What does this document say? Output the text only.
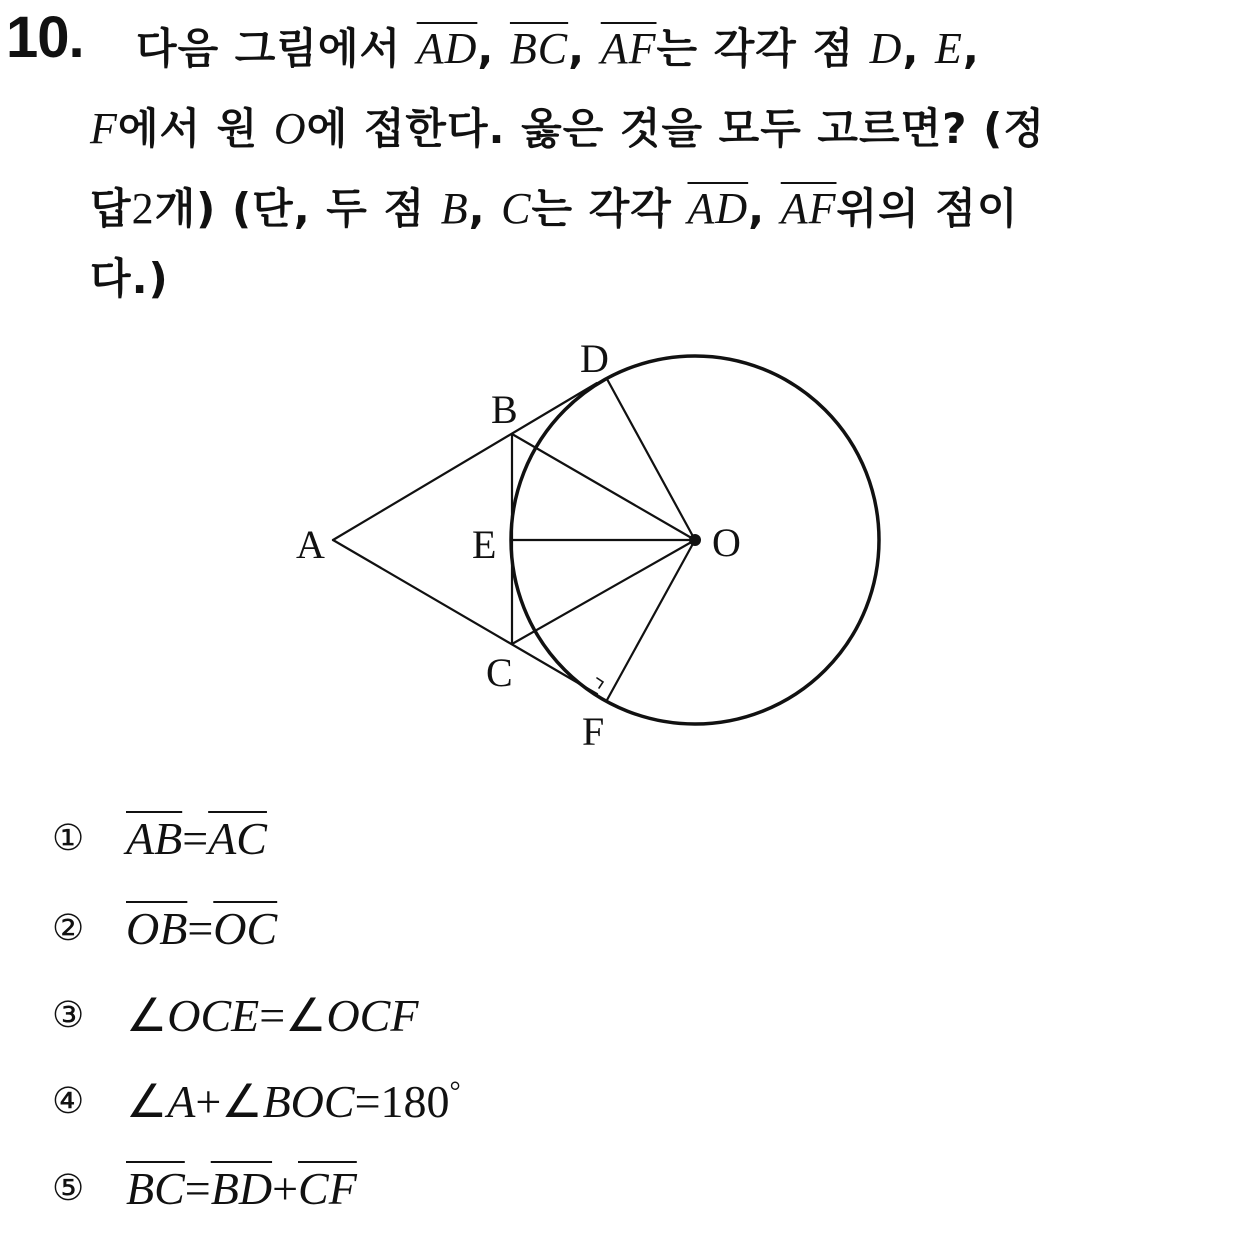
10. 다음 그림에서 $\overline{AD}$, $\overline{BC}$, $\overline{AF}$는 각각 점 D, E,
F에서 원 O에 접한다. 옳은 것을 모두 고르면? (정
답2개) (단, 두 점 B, C는 각각 $\overline{AD}$, $\overline{AF}$위의 점이
다.)
A
B
C
D
E
F
O
① $\overline{AB}=\overline{AC}$
② $\overline{OB}=\overline{OC}$
③ ∠OCE=∠OCF
④ ∠A+∠BOC=180°
⑤ $\overline{BC}=\overline{BD}+\overline{CF}$
